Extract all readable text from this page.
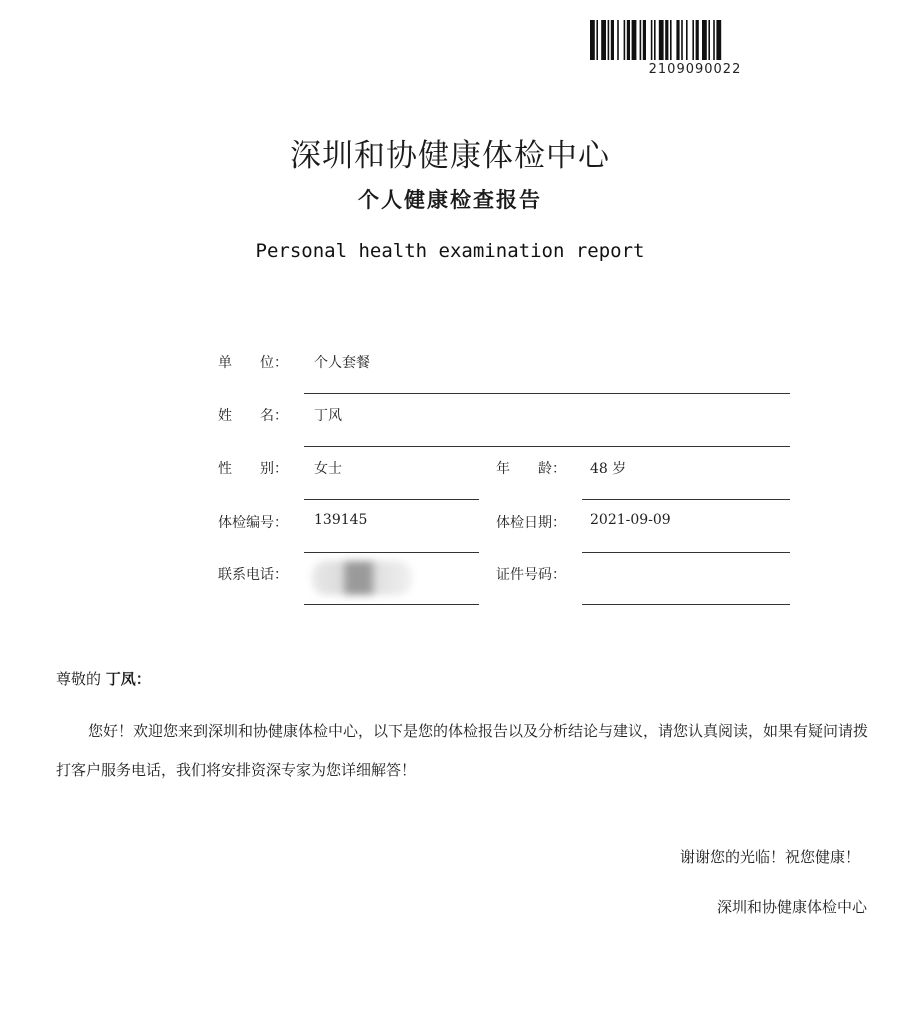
2109090022
深圳和协健康体检中心
个人健康检查报告
Personal health examination report
单 位： 个人套餐
姓 名： 丁风
性 别： 女士	年 龄： 48 岁
体检编号： 139145	体检日期： 2021-09-09
联系电话：	证件号码：
尊敬的 丁凤：
您好！欢迎您来到深圳和协健康体检中心，以下是您的体检报告以及分析结论与建议，请您认真阅读，如果有疑问请拨打客户服务电话，我们将安排资深专家为您详细解答！
谢谢您的光临！祝您健康！
深圳和协健康体检中心
